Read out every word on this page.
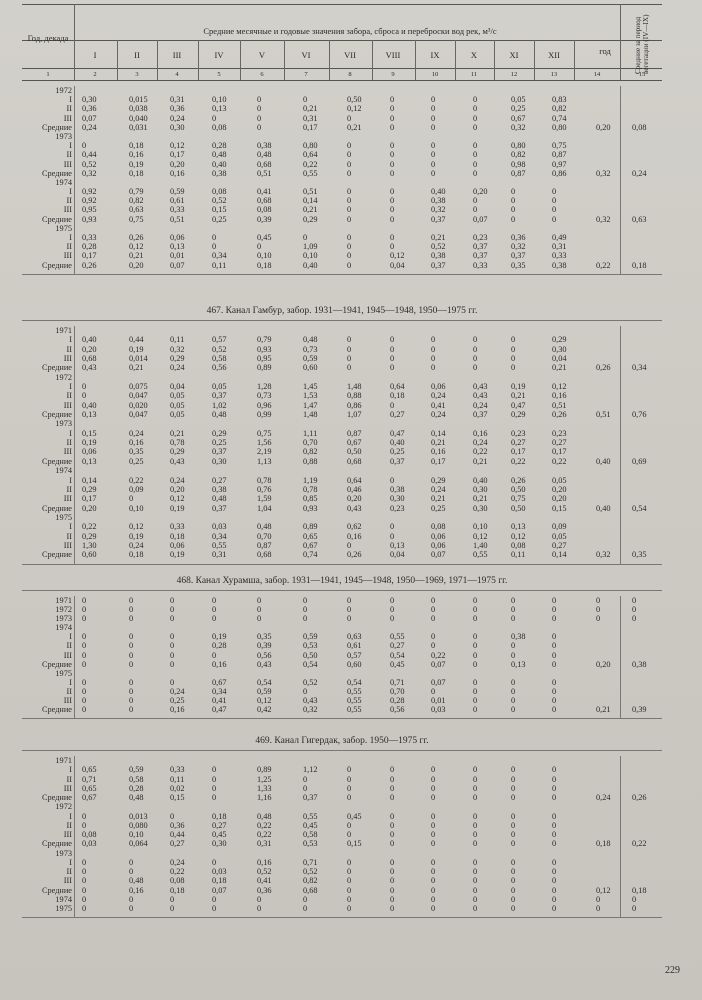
Год, декада
Средние месячные и годовые значения забора, сброса и переброски вод рек, м³/с
I	II	III	IV	V	VI	VII	VIII	IX	X	XI	XII	год	Средние за период вегетации (IV—IX)
1	2	3	4	5	6	7	8	9	10	11	12	13	14	15
1972
I 0,30	0,015	0,31	0,10	0	0	0,50	0	0	0	0,05	0,83
II 0,36	0,038	0,36	0,13	0	0,21	0,12	0	0	0	0,25	0,82
III 0,07	0,040	0,24	0	0	0,31	0	0	0	0	0,67	0,74
Средние 0,24	0,031	0,30	0,08	0	0,17	0,21	0	0	0	0,32	0,80	0,20	0,08
1973
I 0	0,18	0,12	0,28	0,38	0,80	0	0	0	0	0,80	0,75
II 0,44	0,16	0,17	0,48	0,48	0,64	0	0	0	0	0,82	0,87
III 0,52	0,19	0,20	0,40	0,68	0,22	0	0	0	0	0,98	0,97
Средние 0,32	0,18	0,16	0,38	0,51	0,55	0	0	0	0	0,87	0,86	0,32	0,24
1974
I 0,92	0,79	0,59	0,08	0,41	0,51	0	0	0,40	0,20	0	0
II 0,92	0,82	0,61	0,52	0,68	0,14	0	0	0,38	0	0	0
III 0,95	0,63	0,33	0,15	0,08	0,21	0	0	0,32	0	0	0
Средние 0,93	0,75	0,51	0,25	0,39	0,29	0	0	0,37	0,07	0	0	0,32	0,63
1975
I 0,33	0,26	0,06	0	0,45	0	0	0	0,21	0,23	0,36	0,49
II 0,28	0,12	0,13	0	0	1,09	0	0	0,52	0,37	0,32	0,31
III 0,17	0,21	0,01	0,34	0,10	0,10	0	0,12	0,38	0,37	0,37	0,33
Средние 0,26	0,20	0,07	0,11	0,18	0,40	0	0,04	0,37	0,33	0,35	0,38	0,22	0,18
467. Канал Гамбур, забор. 1931—1941, 1945—1948, 1950—1975 гг.
1971
I 0,40	0,44	0,11	0,57	0,79	0,48	0	0	0	0	0	0,29
II 0,20	0,19	0,32	0,52	0,93	0,73	0	0	0	0	0	0,30
III 0,68	0,014	0,29	0,58	0,95	0,59	0	0	0	0	0	0,04
Средние 0,43	0,21	0,24	0,56	0,89	0,60	0	0	0	0	0	0,21	0,26	0,34
1972
I 0	0,075	0,04	0,05	1,28	1,45	1,48	0,64	0,06	0,43	0,19	0,12
II 0	0,047	0,05	0,37	0,73	1,53	0,88	0,18	0,24	0,43	0,21	0,16
III 0,40	0,020	0,05	1,02	0,96	1,47	0,86	0	0,41	0,24	0,47	0,51
Средние 0,13	0,047	0,05	0,48	0,99	1,48	1,07	0,27	0,24	0,37	0,29	0,26	0,51	0,76
1973
I 0,15	0,24	0,21	0,29	0,75	1,11	0,87	0,47	0,14	0,16	0,23	0,23
II 0,19	0,16	0,78	0,25	1,56	0,70	0,67	0,40	0,21	0,24	0,27	0,27
III 0,06	0,35	0,29	0,37	2,19	0,82	0,50	0,25	0,16	0,22	0,17	0,17
Средние 0,13	0,25	0,43	0,30	1,13	0,88	0,68	0,37	0,17	0,21	0,22	0,22	0,40	0,69
1974
I 0,14	0,22	0,24	0,27	0,78	1,19	0,64	0	0,29	0,40	0,26	0,05
II 0,29	0,09	0,20	0,38	0,76	0,78	0,46	0,38	0,24	0,30	0,50	0,20
III 0,17	0	0,12	0,48	1,59	0,85	0,20	0,30	0,21	0,21	0,75	0,20
Средние 0,20	0,10	0,19	0,37	1,04	0,93	0,43	0,23	0,25	0,30	0,50	0,15	0,40	0,54
1975
I 0,22	0,12	0,33	0,03	0,48	0,89	0,62	0	0,08	0,10	0,13	0,09
II 0,29	0,19	0,18	0,34	0,70	0,65	0,16	0	0,06	0,12	0,12	0,05
III 1,30	0,24	0,06	0,55	0,87	0,67	0	0,13	0,06	1,40	0,08	0,27
Средние 0,60	0,18	0,19	0,31	0,68	0,74	0,26	0,04	0,07	0,55	0,11	0,14	0,32	0,35
468. Канал Хурамша, забор. 1931—1941, 1945—1948, 1950—1969, 1971—1975 гг.
1971 0	0	0	0	0	0	0	0	0	0	0	0	0	0
1972 0	0	0	0	0	0	0	0	0	0	0	0	0	0
1973 0	0	0	0	0	0	0	0	0	0	0	0	0	0
1974
I 0	0	0	0,19	0,35	0,59	0,63	0,55	0	0	0,38	0
II 0	0	0	0,28	0,39	0,53	0,61	0,27	0	0	0	0
III 0	0	0	0	0,56	0,50	0,57	0,54	0,22	0	0	0
Средние 0	0	0	0,16	0,43	0,54	0,60	0,45	0,07	0	0,13	0	0,20	0,38
1975
I 0	0	0	0,67	0,54	0,52	0,54	0,71	0,07	0	0	0
II 0	0	0,24	0,34	0,59	0	0,55	0,70	0	0	0	0
III 0	0	0,25	0,41	0,12	0,43	0,55	0,28	0,01	0	0	0
Средние 0	0	0,16	0,47	0,42	0,32	0,55	0,56	0,03	0	0	0	0,21	0,39
469. Канал Гигердак, забор. 1950—1975 гг.
1971
I 0,65	0,59	0,33	0	0,89	1,12	0	0	0	0	0	0
II 0,71	0,58	0,11	0	1,25	0	0	0	0	0	0	0
III 0,65	0,28	0,02	0	1,33	0	0	0	0	0	0	0
Средние 0,67	0,48	0,15	0	1,16	0,37	0	0	0	0	0	0	0,24	0,26
1972
I 0	0,013	0	0,18	0,48	0,55	0,45	0	0	0	0	0
II 0	0,080	0,36	0,27	0,22	0,45	0	0	0	0	0	0
III 0,08	0,10	0,44	0,45	0,22	0,58	0	0	0	0	0	0
Средние 0,03	0,064	0,27	0,30	0,31	0,53	0,15	0	0	0	0	0	0,18	0,22
1973
I 0	0	0,24	0	0,16	0,71	0	0	0	0	0	0
II 0	0	0,22	0,03	0,52	0,52	0	0	0	0	0	0
III 0	0,48	0,08	0,18	0,41	0,82	0	0	0	0	0	0
Средние 0	0,16	0,18	0,07	0,36	0,68	0	0	0	0	0	0	0,12	0,18
1974 0	0	0	0	0	0	0	0	0	0	0	0	0	0
1975 0	0	0	0	0	0	0	0	0	0	0	0	0	0
229
